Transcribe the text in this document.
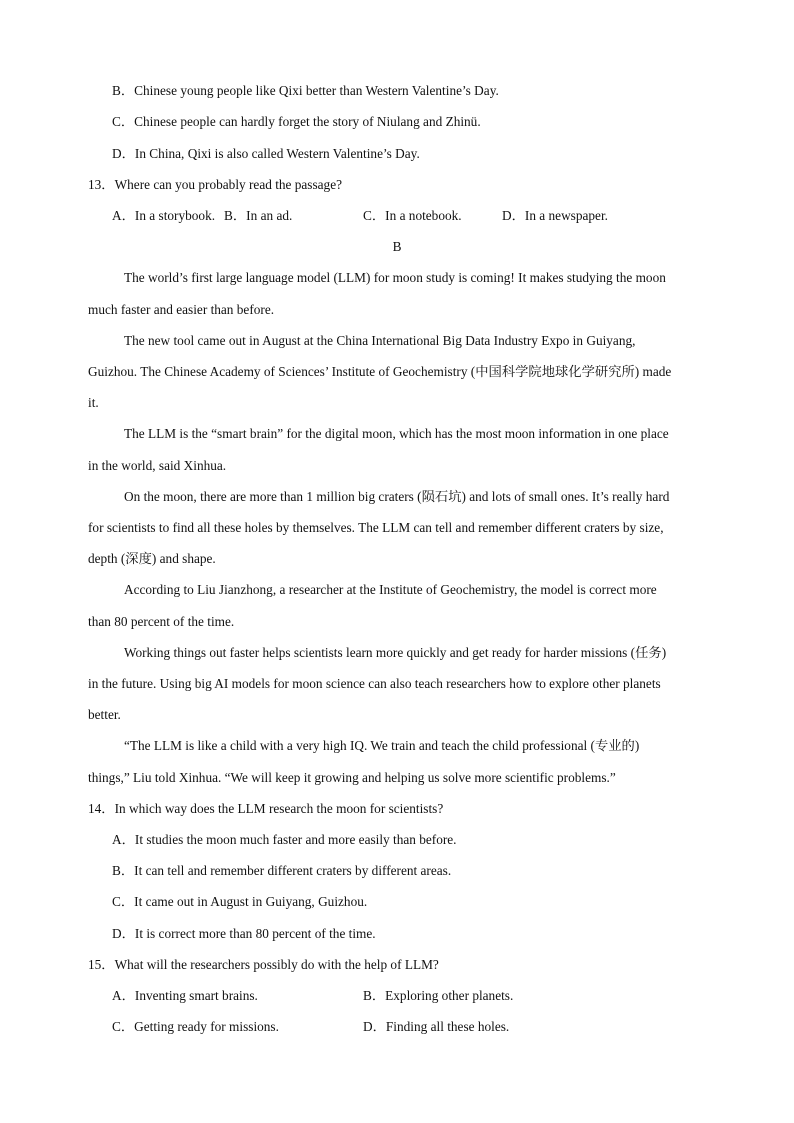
B．Chinese young people like Qixi better than Western Valentine’s Day.
C．Chinese people can hardly forget the story of Niulang and Zhinü.
D．In China, Qixi is also called Western Valentine’s Day.
13．Where can you probably read the passage?
A．In a storybook. B．In an ad.	C．In a notebook.	D．In a newspaper.
B
The world’s first large language model (LLM) for moon study is coming! It makes studying the moon
much faster and easier than before.
The new tool came out in August at the China International Big Data Industry Expo in Guiyang,
Guizhou. The Chinese Academy of Sciences’ Institute of Geochemistry (中国科学院地球化学研究所) made
it.
The LLM is the “smart brain” for the digital moon, which has the most moon information in one place
in the world, said Xinhua.
On the moon, there are more than 1 million big craters (陨石坑) and lots of small ones. It’s really hard
for scientists to find all these holes by themselves. The LLM can tell and remember different craters by size,
depth (深度) and shape.
According to Liu Jianzhong, a researcher at the Institute of Geochemistry, the model is correct more
than 80 percent of the time.
Working things out faster helps scientists learn more quickly and get ready for harder missions (任务)
in the future. Using big AI models for moon science can also teach researchers how to explore other planets
better.
“The LLM is like a child with a very high IQ. We train and teach the child professional (专业的)
things,” Liu told Xinhua. “We will keep it growing and helping us solve more scientific problems.”
14．In which way does the LLM research the moon for scientists?
A．It studies the moon much faster and more easily than before.
B．It can tell and remember different craters by different areas.
C．It came out in August in Guiyang, Guizhou.
D．It is correct more than 80 percent of the time.
15．What will the researchers possibly do with the help of LLM?
A．Inventing smart brains.	B．Exploring other planets.
C．Getting ready for missions.	D．Finding all these holes.
